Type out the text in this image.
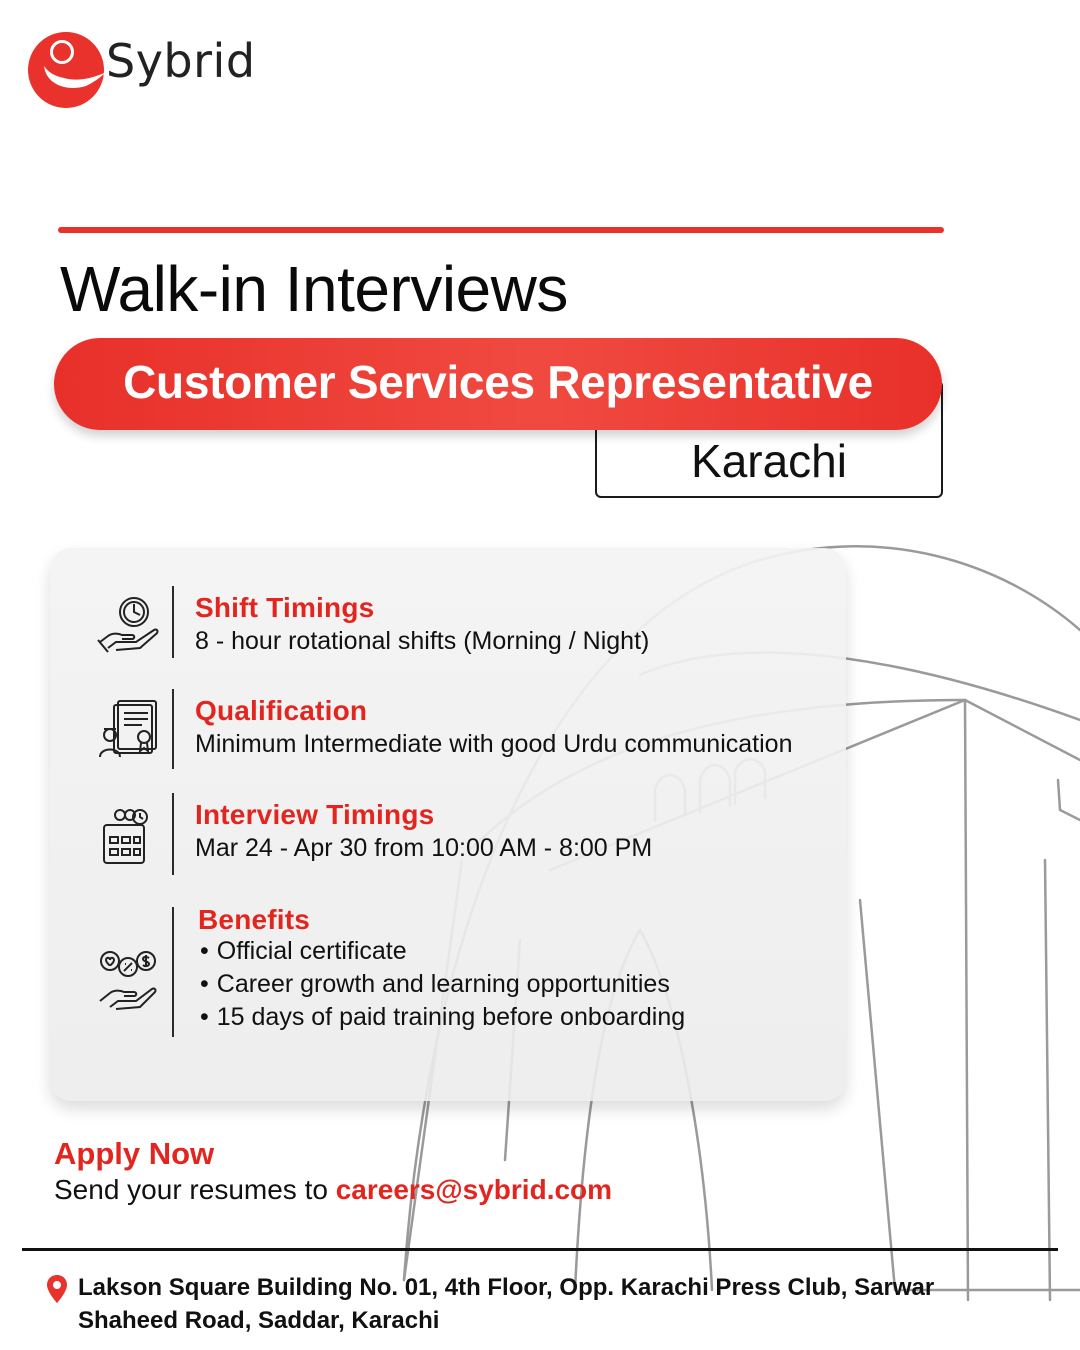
Sybrid
Walk-in Interviews
Karachi
Customer Services Representative
Shift Timings
8 - hour rotational shifts (Morning / Night)
Qualification
Minimum Intermediate with good Urdu communication
Interview Timings
Mar 24 - Apr 30 from 10:00 AM - 8:00 PM
Benefits
• Official certificate
• Career growth and learning opportunities
• 15 days of paid training before onboarding
Apply Now
Send your resumes to careers@sybrid.com
Lakson Square Building No. 01, 4th Floor, Opp. Karachi Press Club, Sarwar Shaheed Road, Saddar, Karachi
